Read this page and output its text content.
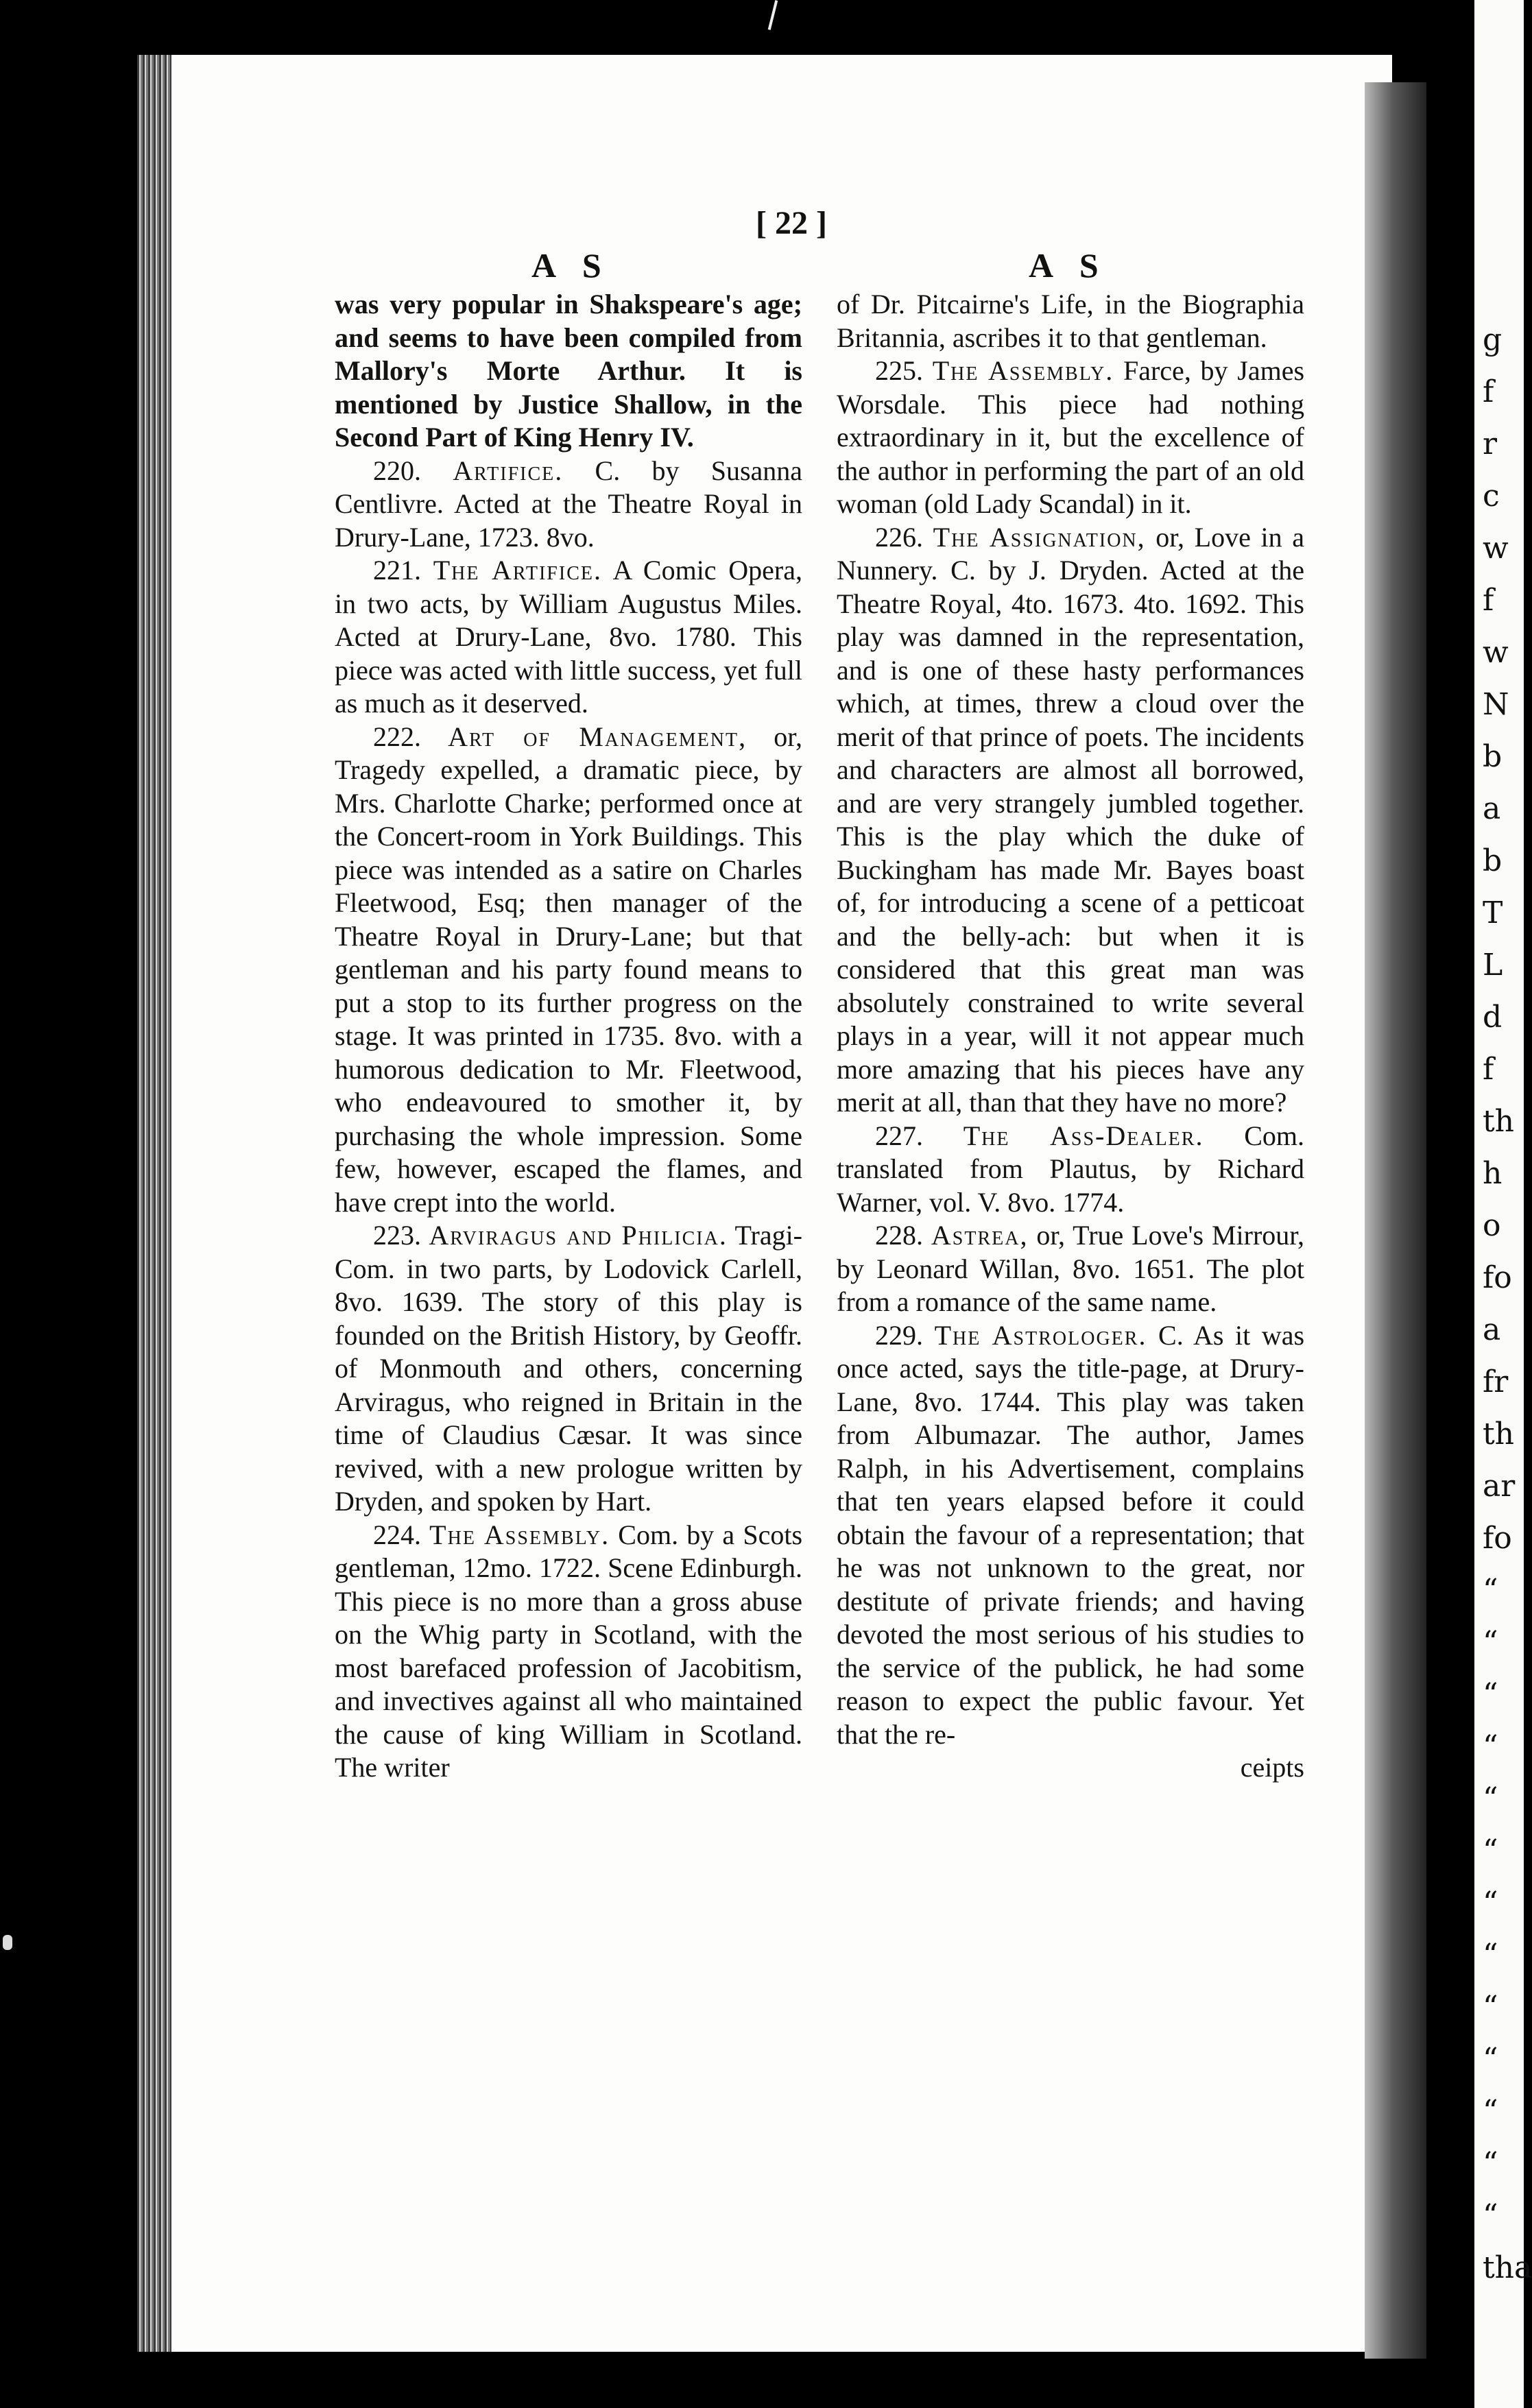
A S
[ 22 ]
A S

was very popular in Shakspeare's age; and seems to have been compiled from Mallory's Morte Arthur. It is mentioned by Justice Shallow, in the Second Part of King Henry IV.

220. Artifice. C. by Susanna Centlivre. Acted at the Theatre Royal in Drury-Lane, 1723. 8vo.

221. The Artifice. A Comic Opera, in two acts, by William Augustus Miles. Acted at Drury-Lane, 8vo. 1780. This piece was acted with little success, yet full as much as it deserved.

222. Art of Management, or, Tragedy expelled, a dramatic piece, by Mrs. Charlotte Charke; performed once at the Concert-room in York Buildings. This piece was intended as a satire on Charles Fleetwood, Esq; then manager of the Theatre Royal in Drury-Lane; but that gentleman and his party found means to put a stop to its further progress on the stage. It was printed in 1735. 8vo. with a humorous dedication to Mr. Fleetwood, who endeavoured to smother it, by purchasing the whole impression. Some few, however, escaped the flames, and have crept into the world.

223. Arviragus and Philicia. Tragi-Com. in two parts, by Lodovick Carlell, 8vo. 1639. The story of this play is founded on the British History, by Geoffr. of Monmouth and others, concerning Arviragus, who reigned in Britain in the time of Claudius Cæsar. It was since revived, with a new prologue written by Dryden, and spoken by Hart.

224. The Assembly. Com. by a Scots gentleman, 12mo. 1722. Scene Edinburgh. This piece is no more than a gross abuse on the Whig party in Scotland, with the most barefaced profession of Jacobitism, and invectives against all who maintained the cause of king William in Scotland. The writer

of Dr. Pitcairne's Life, in the Biographia Britannia, ascribes it to that gentleman.

225. The Assembly. Farce, by James Worsdale. This piece had nothing extraordinary in it, but the excellence of the author in performing the part of an old woman (old Lady Scandal) in it.

226. The Assignation, or, Love in a Nunnery. C. by J. Dryden. Acted at the Theatre Royal, 4to. 1673. 4to. 1692. This play was damned in the representation, and is one of these hasty performances which, at times, threw a cloud over the merit of that prince of poets. The incidents and characters are almost all borrowed, and are very strangely jumbled together. This is the play which the duke of Buckingham has made Mr. Bayes boast of, for introducing a scene of a petticoat and the belly-ach: but when it is considered that this great man was absolutely constrained to write several plays in a year, will it not appear much more amazing that his pieces have any merit at all, than that they have no more?

227. The Ass-Dealer. Com. translated from Plautus, by Richard Warner, vol. V. 8vo. 1774.

228. Astrea, or, True Love's Mirrour, by Leonard Willan, 8vo. 1651. The plot from a romance of the same name.

229. The Astrologer. C. As it was once acted, says the title-page, at Drury-Lane, 8vo. 1744. This play was taken from Albumazar. The author, James Ralph, in his Advertisement, complains that ten years elapsed before it could obtain the favour of a representation; that he was not unknown to the great, nor destitute of private friends; and having devoted the most serious of his studies to the service of the publick, he had some reason to expect the public favour. Yet that the re-

ceipts

g
f
r
c
w
f
w
N
b
a
b
T
L
d
f
th
h
o
fo
a
fr
th
ar
fo
“
“
“
“
“
“
“
“
“
“
“
“
“
tha
